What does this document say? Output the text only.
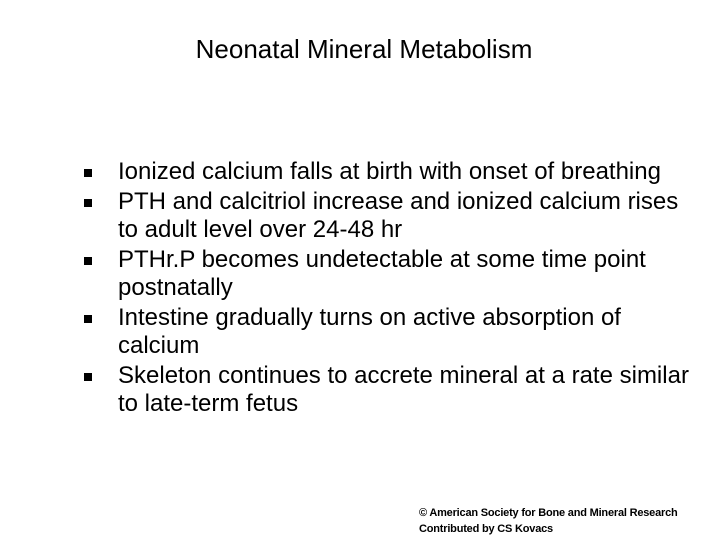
Neonatal Mineral Metabolism
Ionized calcium falls at birth with onset of breathing
PTH and calcitriol increase and ionized calcium rises to adult level over 24-48 hr
PTHr.P becomes undetectable at some time point postnatally
Intestine gradually turns on active absorption of calcium
Skeleton continues to accrete mineral at a rate similar to late-term fetus
© American Society for Bone and Mineral Research
Contributed by CS Kovacs
